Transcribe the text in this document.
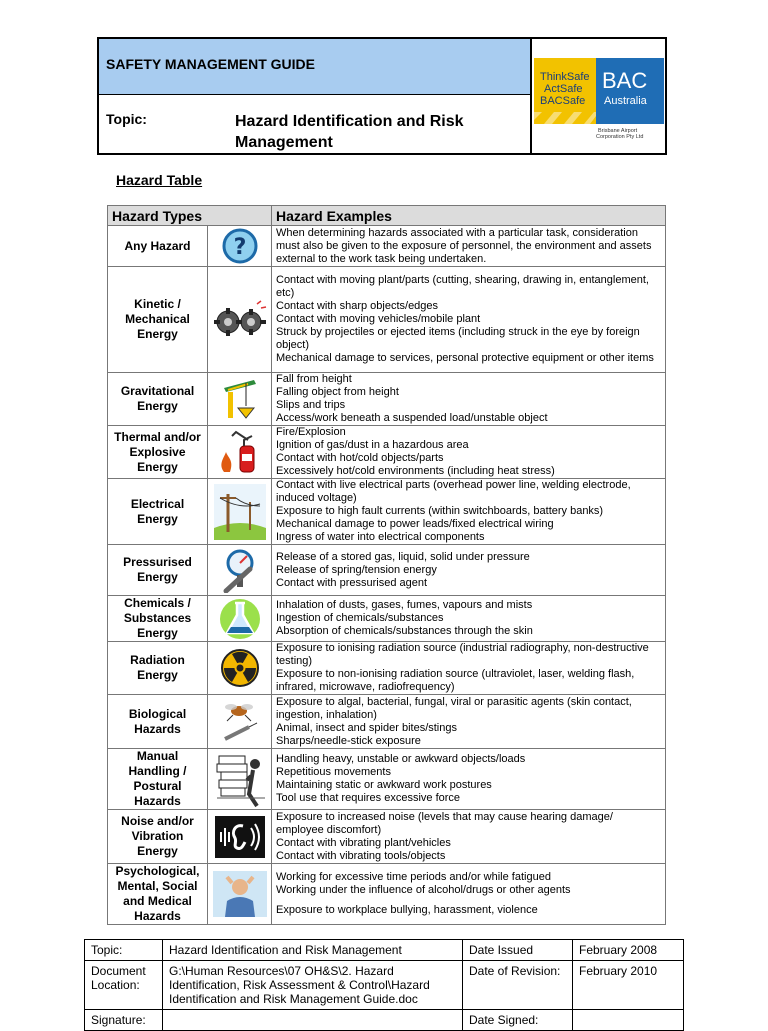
SAFETY MANAGEMENT GUIDE
Topic:	Hazard Identification and Risk Management
ThinkSafe
ActSafe
BACSafe
BAC
Australia
Brisbane Airport
Corporation Pty Ltd
Hazard Table
Hazard Types		Hazard Examples
Any Hazard	?	When determining hazards associated with a particular task, consideration must also be given to the exposure of personnel, the environment and assets external to the work task being undertaken.

Kinetic / Mechanical Energy		Contact with moving plant/parts (cutting, shearing, drawing in, entanglement, etc)
Contact with sharp objects/edges
Contact with moving vehicles/mobile plant
Struck by projectiles or ejected items (including struck in the eye by foreign object)
Mechanical damage to services, personal protective equipment or other items

Gravitational Energy		Fall from height
Falling object from height
Slips and trips
Access/work beneath a suspended load/unstable object

Thermal and/or Explosive Energy		Fire/Explosion
Ignition of gas/dust in a hazardous area
Contact with hot/cold objects/parts
Excessively hot/cold environments (including heat stress)

Electrical Energy		Contact with live electrical parts (overhead power line, welding electrode, induced voltage)
Exposure to high fault currents (within switchboards, battery banks)
Mechanical damage to power leads/fixed electrical wiring
Ingress of water into electrical components

Pressurised Energy		Release of a stored gas, liquid, solid under pressure
Release of spring/tension energy
Contact with pressurised agent

Chemicals / Substances Energy		Inhalation of dusts, gases, fumes, vapours and mists
Ingestion of chemicals/substances
Absorption of chemicals/substances through the skin

Radiation Energy		Exposure to ionising radiation source (industrial radiography, non-destructive testing)
Exposure to non-ionising radiation source (ultraviolet, laser, welding flash, infrared, microwave, radiofrequency)

Biological Hazards		Exposure to algal, bacterial, fungal, viral or parasitic agents (skin contact, ingestion, inhalation)
Animal, insect and spider bites/stings
Sharps/needle-stick exposure

Manual Handling / Postural Hazards		Handling heavy, unstable or awkward objects/loads
Repetitious movements
Maintaining static or awkward work postures
Tool use that requires excessive force

Noise and/or Vibration Energy		Exposure to increased noise (levels that may cause hearing damage/ employee discomfort)
Contact with vibrating plant/vehicles
Contact with vibrating tools/objects

Psychological, Mental, Social and Medical Hazards		Working for excessive time periods and/or while fatigued
Working under the influence of alcohol/drugs or other agents
Exposure to workplace bullying, harassment, violence
Topic:	Hazard Identification and Risk Management	Date Issued	February 2008
Document Location:	G:\Human Resources\07 OH&S\2. Hazard Identification, Risk Assessment & Control\Hazard Identification and Risk Management Guide.doc	Date of Revision:	February 2010
Signature:		Date Signed:	
